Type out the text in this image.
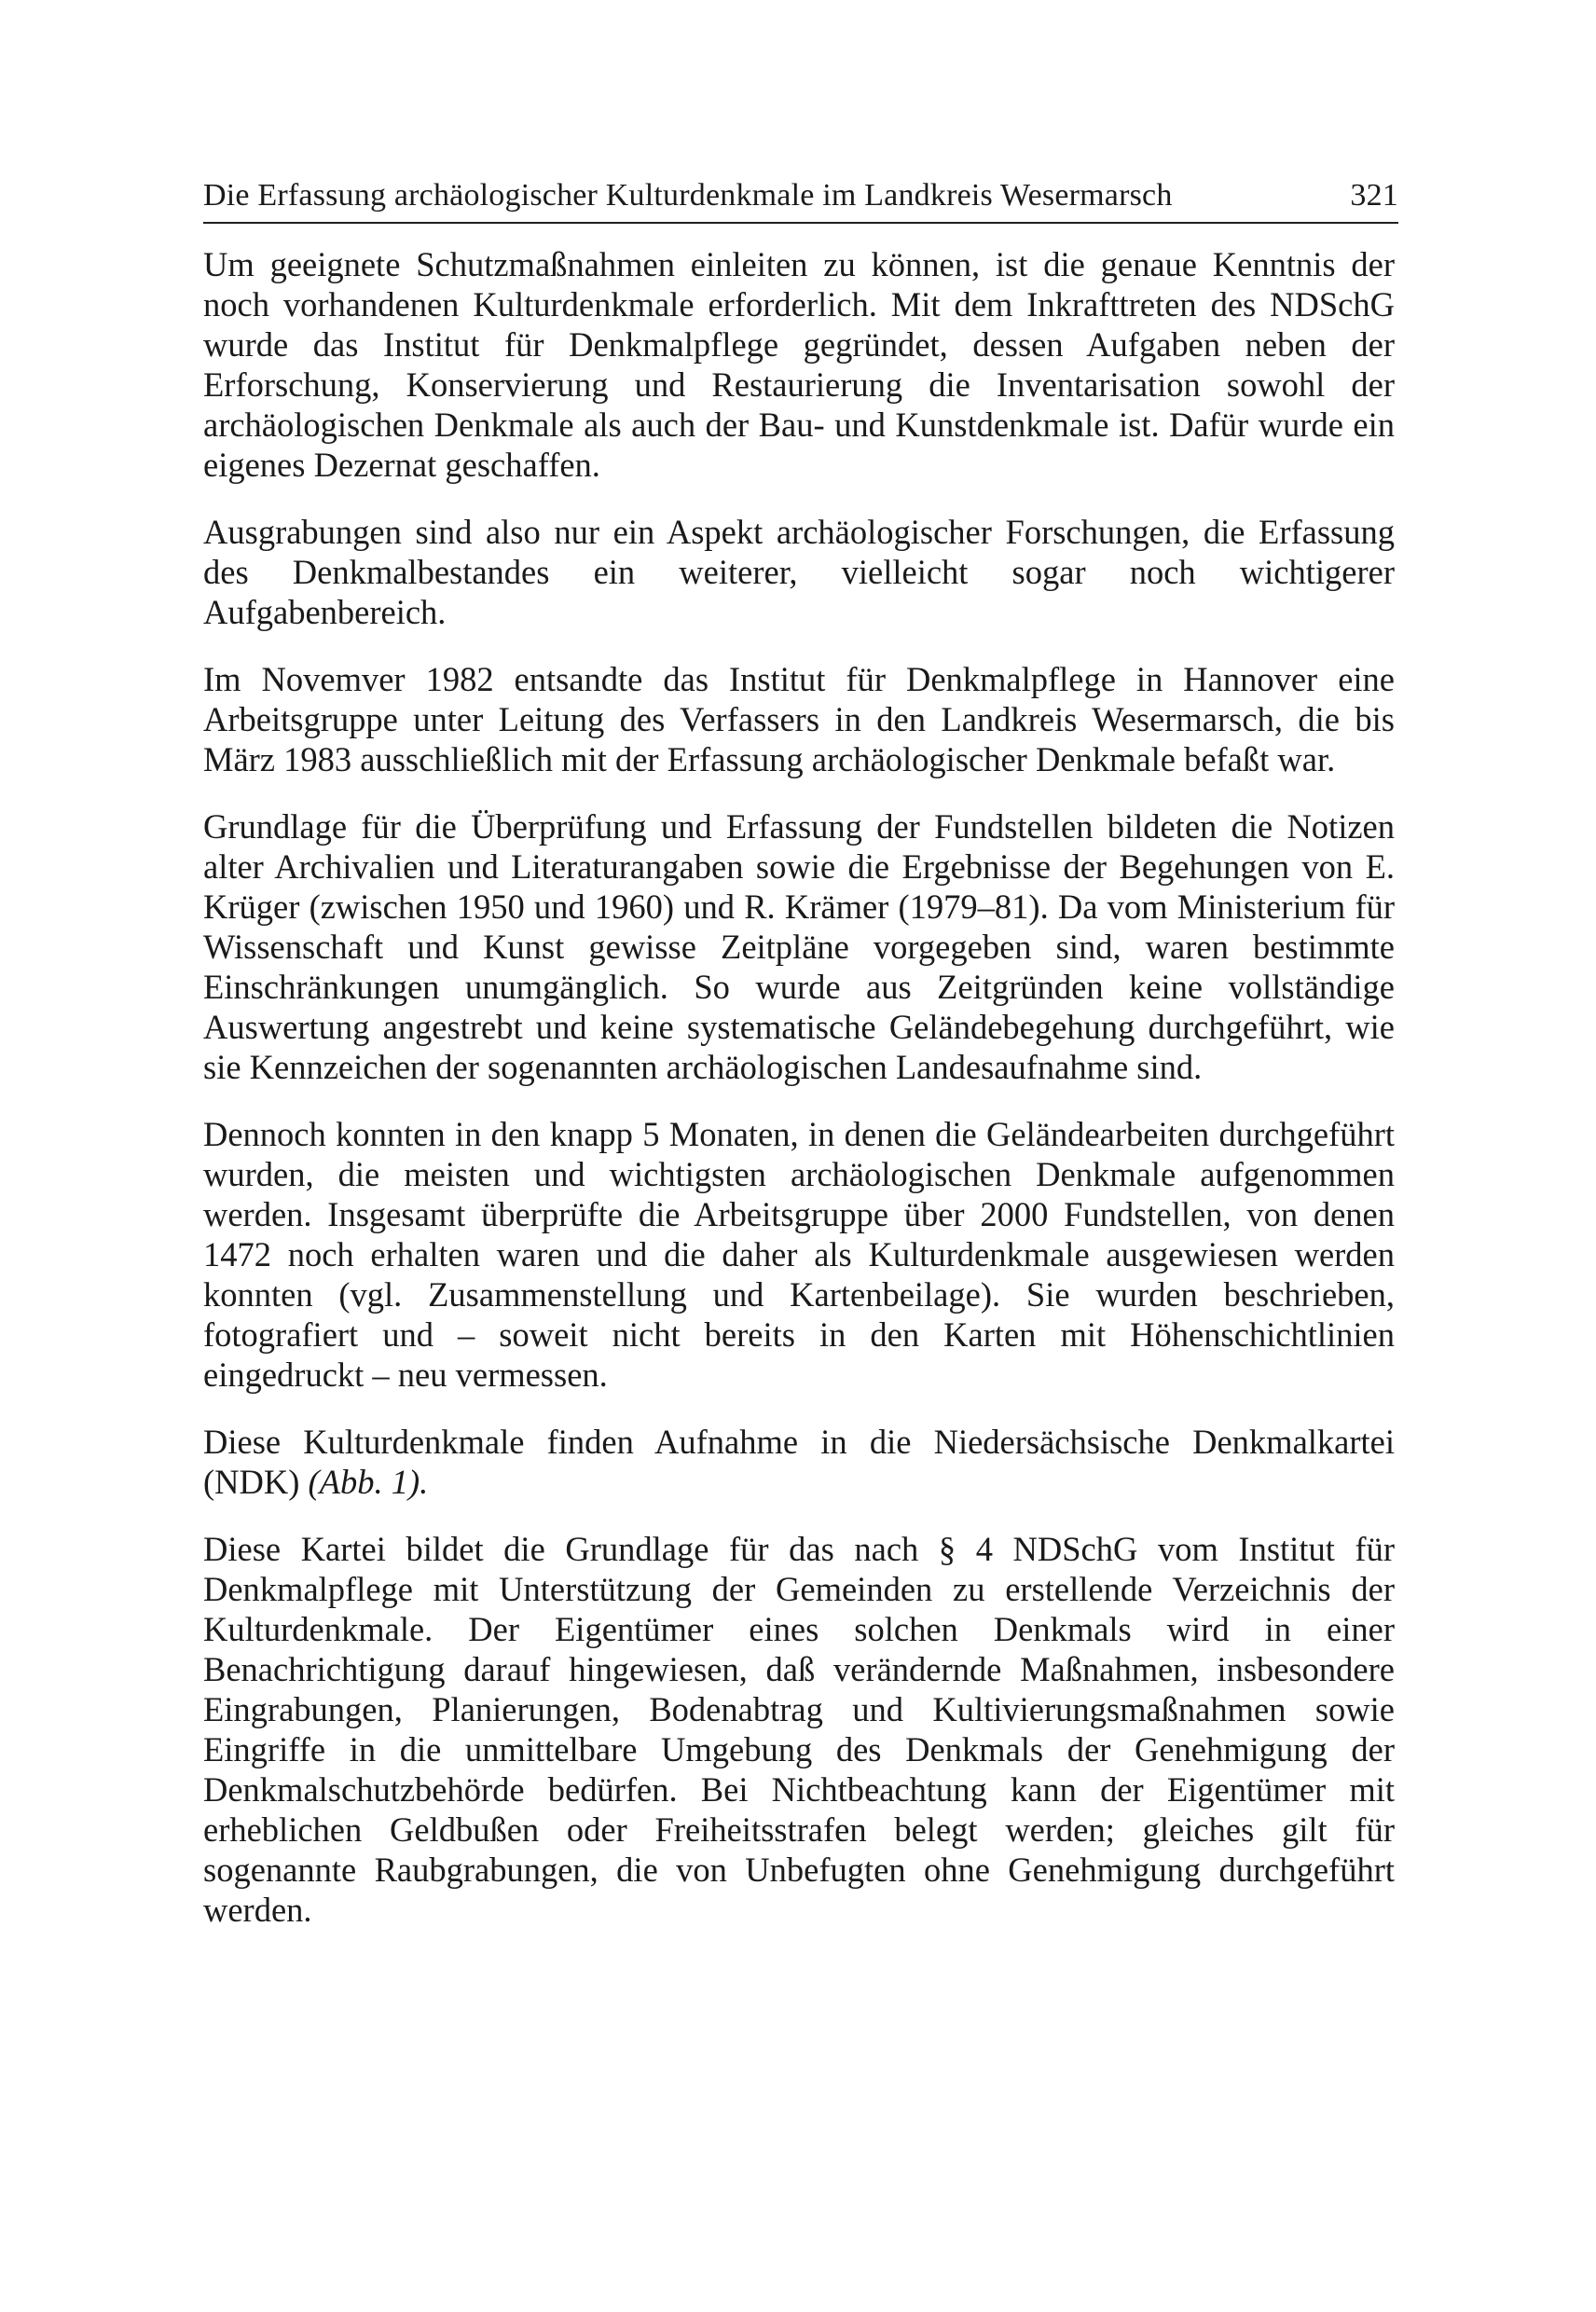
Die Erfassung archäologischer Kulturdenkmale im Landkreis Wesermarsch	321

Um geeignete Schutzmaßnahmen einleiten zu können, ist die genaue Kenntnis der noch vorhandenen Kulturdenkmale erforderlich. Mit dem Inkrafttreten des NDSchG wurde das Institut für Denkmalpflege gegründet, dessen Aufgaben neben der Erforschung, Konservierung und Restaurierung die Inventarisation sowohl der archäologischen Denkmale als auch der Bau- und Kunstdenkmale ist. Dafür wurde ein eigenes Dezernat geschaffen.

Ausgrabungen sind also nur ein Aspekt archäologischer Forschungen, die Erfassung des Denkmalbestandes ein weiterer, vielleicht sogar noch wichtigerer Aufgabenbereich.

Im Novemver 1982 entsandte das Institut für Denkmalpflege in Hannover eine Arbeitsgruppe unter Leitung des Verfassers in den Landkreis Wesermarsch, die bis März 1983 ausschließlich mit der Erfassung archäologischer Denkmale befaßt war.

Grundlage für die Überprüfung und Erfassung der Fundstellen bildeten die Notizen alter Archivalien und Literaturangaben sowie die Ergebnisse der Begehungen von E. Krüger (zwischen 1950 und 1960) und R. Krämer (1979–81). Da vom Ministerium für Wissenschaft und Kunst gewisse Zeitpläne vorgegeben sind, waren bestimmte Einschränkungen unumgänglich. So wurde aus Zeitgründen keine vollständige Auswertung angestrebt und keine systematische Geländebegehung durchgeführt, wie sie Kennzeichen der sogenannten archäologischen Landesaufnahme sind.

Dennoch konnten in den knapp 5 Monaten, in denen die Geländearbeiten durchgeführt wurden, die meisten und wichtigsten archäologischen Denkmale aufgenommen werden. Insgesamt überprüfte die Arbeitsgruppe über 2000 Fundstellen, von denen 1472 noch erhalten waren und die daher als Kulturdenkmale ausgewiesen werden konnten (vgl. Zusammenstellung und Kartenbeilage). Sie wurden beschrieben, fotografiert und – soweit nicht bereits in den Karten mit Höhenschichtlinien eingedruckt – neu vermessen.

Diese Kulturdenkmale finden Aufnahme in die Niedersächsische Denkmalkartei (NDK) (Abb. 1).

Diese Kartei bildet die Grundlage für das nach § 4 NDSchG vom Institut für Denkmalpflege mit Unterstützung der Gemeinden zu erstellende Verzeichnis der Kulturdenkmale. Der Eigentümer eines solchen Denkmals wird in einer Benachrichtigung darauf hingewiesen, daß verändernde Maßnahmen, insbesondere Eingrabungen, Planierungen, Bodenabtrag und Kultivierungsmaßnahmen sowie Eingriffe in die unmittelbare Umgebung des Denkmals der Genehmigung der Denkmalschutzbehörde bedürfen. Bei Nichtbeachtung kann der Eigentümer mit erheblichen Geldbußen oder Freiheitsstrafen belegt werden; gleiches gilt für sogenannte Raubgrabungen, die von Unbefugten ohne Genehmigung durchgeführt werden.
